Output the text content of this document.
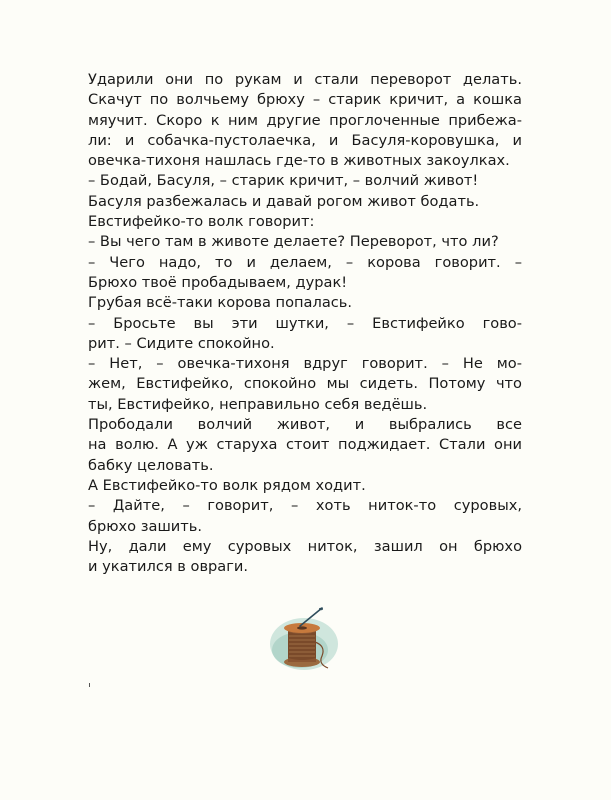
Ударили они по рукам и стали переворот делать.
Скачут по волчьему брюху – старик кричит, а кошка
мяучит. Скоро к ним другие проглоченные прибежа-
ли: и собачка-пустолаечка, и Басуля-коровушка, и
овечка-тихоня нашлась где-то в животных закоулках.

– Бодай, Басуля, – старик кричит, – волчий живот!

Басуля разбежалась и давай рогом живот бодать.

Евстифейко-то волк говорит:

– Вы чего там в животе делаете? Переворот, что ли?

– Чего надо, то и делаем, – корова говорит. –
Брюхо твоё пробадываем, дурак!

Грубая всё-таки корова попалась.

– Бросьте вы эти шутки, – Евстифейко гово-
рит. – Сидите спокойно.

– Нет, – овечка-тихоня вдруг говорит. – Не мо-
жем, Евстифейко, спокойно мы сидеть. Потому что
ты, Евстифейко, неправильно себя ведёшь.

Прободали волчий живот, и выбрались все
на волю. А уж старуха стоит поджидает. Стали они
бабку целовать.

А Евстифейко-то волк рядом ходит.

– Дайте, – говорит, – хоть ниток-то суровых,
брюхо зашить.

Ну, дали ему суровых ниток, зашил он брюхо
и укатился в овраги.
